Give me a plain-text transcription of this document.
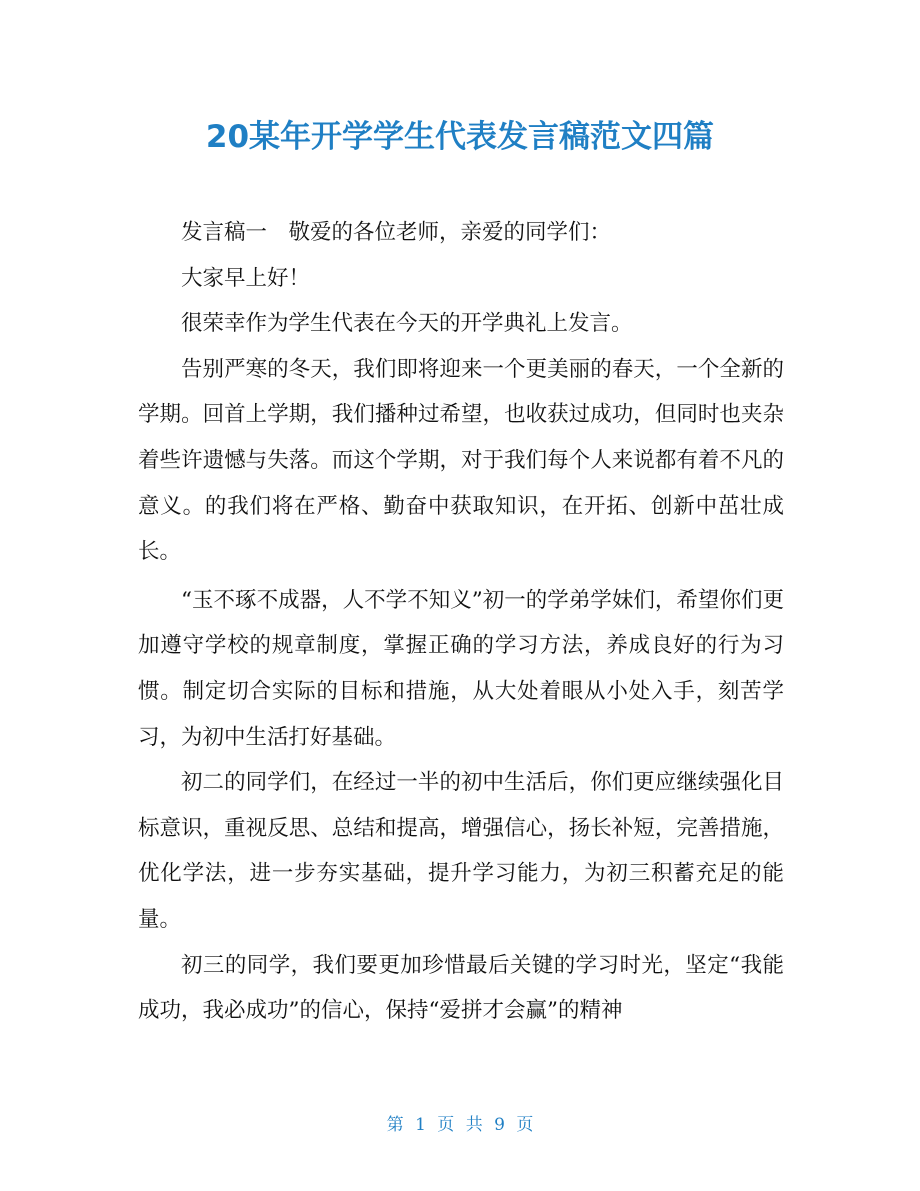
20某年开学学生代表发言稿范文四篇

发言稿一　敬爱的各位老师，亲爱的同学们：

大家早上好！

很荣幸作为学生代表在今天的开学典礼上发言。

告别严寒的冬天，我们即将迎来一个更美丽的春天，一个全新的学期。回首上学期，我们播种过希望，也收获过成功，但同时也夹杂着些许遗憾与失落。而这个学期，对于我们每个人来说都有着不凡的意义。的我们将在严格、勤奋中获取知识，在开拓、创新中茁壮成长。

“玉不琢不成器，人不学不知义”初一的学弟学妹们，希望你们更加遵守学校的规章制度，掌握正确的学习方法，养成良好的行为习惯。制定切合实际的目标和措施，从大处着眼从小处入手，刻苦学习，为初中生活打好基础。

初二的同学们，在经过一半的初中生活后，你们更应继续强化目标意识，重视反思、总结和提高，增强信心，扬长补短，完善措施，优化学法，进一步夯实基础，提升学习能力，为初三积蓄充足的能量。

初三的同学，我们要更加珍惜最后关键的学习时光，坚定“我能成功，我必成功”的信心，保持“爱拼才会赢”的精神

第 1 页 共 9 页
